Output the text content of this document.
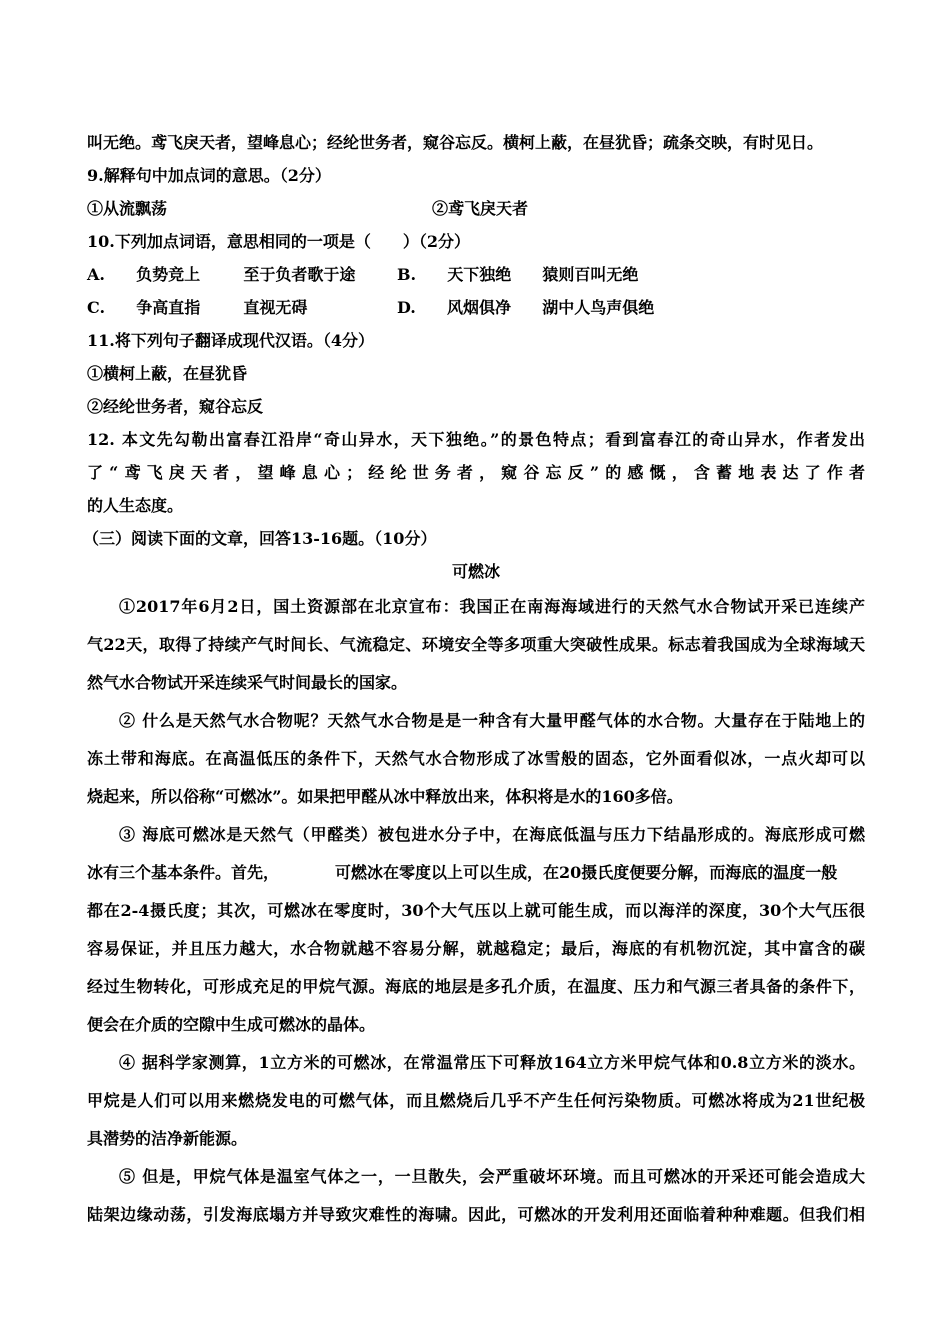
叫无绝。鸢飞戾天者，望峰息心；经纶世务者，窥谷忘反。横柯上蔽，在昼犹昏；疏条交映，有时见日。
9.解释句中加点词的意思。（2分）
①从流飘荡	②鸢飞戾天者
10.下列加点词语，意思相同的一项是（　　）（2分）
A. 负势竞上	至于负者歌于途	B. 天下独绝 猿则百叫无绝
C. 争高直指	直视无碍	D. 风烟俱净 湖中人鸟声俱绝
11.将下列句子翻译成现代汉语。（4分）
①横柯上蔽，在昼犹昏
②经纶世务者，窥谷忘反
12. 本文先勾勒出富春江沿岸“奇山异水，天下独绝。”的景色特点；看到富春江的奇山异水，作者发出
了“鸢飞戾天者，望峰息心；经纶世务者，窥谷忘反”的感慨，含蓄地表达了作者
的人生态度。
（三）阅读下面的文章，回答13-16题。（10分）
可燃冰
①2017年6月2日，国土资源部在北京宣布：我国正在南海海域进行的天然气水合物试开采已连续产
气22天，取得了持续产气时间长、气流稳定、环境安全等多项重大突破性成果。标志着我国成为全球海域天
然气水合物试开采连续采气时间最长的国家。
② 什么是天然气水合物呢？天然气水合物是是一种含有大量甲醛气体的水合物。大量存在于陆地上的
冻土带和海底。在高温低压的条件下，天然气水合物形成了冰雪般的固态，它外面看似冰，一点火却可以
烧起来，所以俗称“可燃冰”。如果把甲醛从冰中释放出来，体积将是水的160多倍。
③ 海底可燃冰是天然气（甲醛类）被包进水分子中，在海底低温与压力下结晶形成的。海底形成可燃
冰有三个基本条件。首先，	可燃冰在零度以上可以生成，在20摄氏度便要分解，而海底的温度一般
都在2-4摄氏度；其次，可燃冰在零度时，30个大气压以上就可能生成，而以海洋的深度，30个大气压很
容易保证，并且压力越大，水合物就越不容易分解，就越稳定；最后，海底的有机物沉淀，其中富含的碳
经过生物转化，可形成充足的甲烷气源。海底的地层是多孔介质，在温度、压力和气源三者具备的条件下，
便会在介质的空隙中生成可燃冰的晶体。
④ 据科学家测算，1立方米的可燃冰，在常温常压下可释放164立方米甲烷气体和0.8立方米的淡水。
甲烷是人们可以用来燃烧发电的可燃气体，而且燃烧后几乎不产生任何污染物质。可燃冰将成为21世纪极
具潜势的洁净新能源。
⑤ 但是，甲烷气体是温室气体之一，一旦散失，会严重破坏环境。而且可燃冰的开采还可能会造成大
陆架边缘动荡，引发海底塌方并导致灾难性的海啸。因此，可燃冰的开发利用还面临着种种难题。但我们相
